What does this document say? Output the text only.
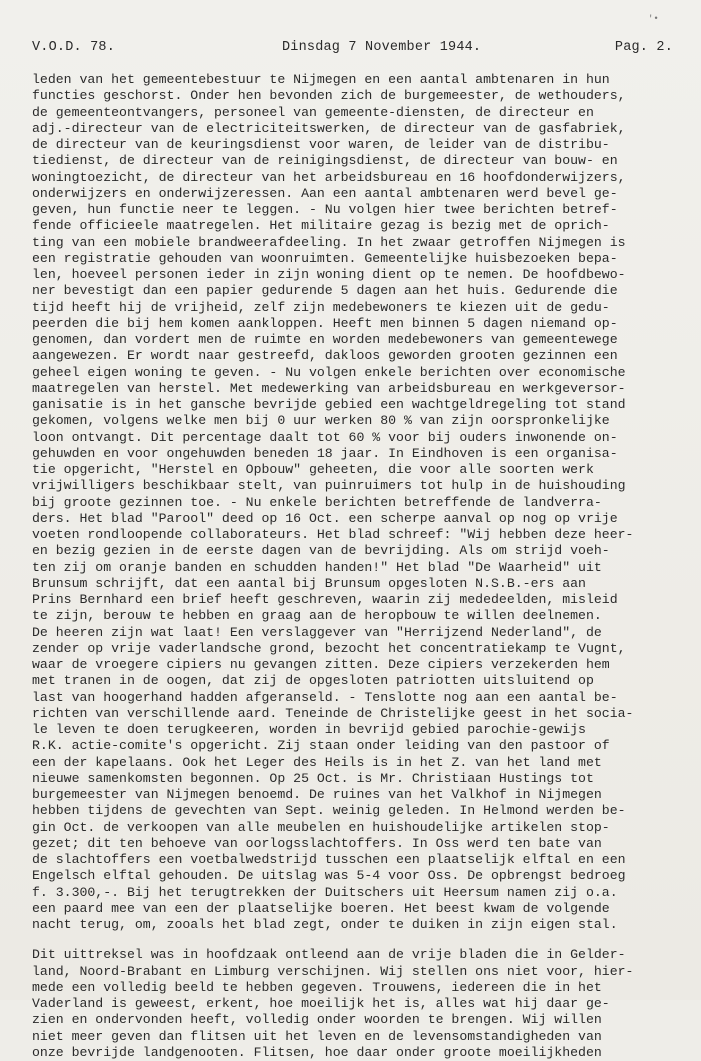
'•
V.O.D. 78.	Dinsdag 7 November 1944.	Pag. 2.
leden van het gemeentebestuur te Nijmegen en een aantal ambtenaren in hun
functies geschorst. Onder hen bevonden zich de burgemeester, de wethouders,
de gemeenteontvangers, personeel van gemeente-diensten, de directeur en
adj.-directeur van de electriciteitswerken, de directeur van de gasfabriek,
de directeur van de keuringsdienst voor waren, de leider van de distribu-
tiedienst, de directeur van de reinigingsdienst, de directeur van bouw- en
woningtoezicht, de directeur van het arbeidsbureau en 16 hoofdonderwijzers,
onderwijzers en onderwijzeressen. Aan een aantal ambtenaren werd bevel ge-
geven, hun functie neer te leggen. - Nu volgen hier twee berichten betref-
fende officieele maatregelen. Het militaire gezag is bezig met de oprich-
ting van een mobiele brandweerafdeeling. In het zwaar getroffen Nijmegen is
een registratie gehouden van woonruimten. Gemeentelijke huisbezoeken bepa-
len, hoeveel personen ieder in zijn woning dient op te nemen. De hoofdbewo-
ner bevestigt dan een papier gedurende 5 dagen aan het huis. Gedurende die
tijd heeft hij de vrijheid, zelf zijn medebewoners te kiezen uit de gedu-
peerden die bij hem komen aankloppen. Heeft men binnen 5 dagen niemand op-
genomen, dan vordert men de ruimte en worden medebewoners van gemeentewege
aangewezen. Er wordt naar gestreefd, dakloos geworden grooten gezinnen een
geheel eigen woning te geven. - Nu volgen enkele berichten over economische
maatregelen van herstel. Met medewerking van arbeidsbureau en werkgeversor-
ganisatie is in het gansche bevrijde gebied een wachtgeldregeling tot stand
gekomen, volgens welke men bij 0 uur werken 80 % van zijn oorspronkelijke
loon ontvangt. Dit percentage daalt tot 60 % voor bij ouders inwonende on-
gehuwden en voor ongehuwden beneden 18 jaar. In Eindhoven is een organisa-
tie opgericht, "Herstel en Opbouw" geheeten, die voor alle soorten werk
vrijwilligers beschikbaar stelt, van puinruimers tot hulp in de huishouding
bij groote gezinnen toe. - Nu enkele berichten betreffende de landverra-
ders. Het blad "Parool" deed op 16 Oct. een scherpe aanval op nog op vrije
voeten rondloopende collaborateurs. Het blad schreef: "Wij hebben deze heer-
en bezig gezien in de eerste dagen van de bevrijding. Als om strijd voeh-
ten zij om oranje banden en schudden handen!" Het blad "De Waarheid" uit
Brunsum schrijft, dat een aantal bij Brunsum opgesloten N.S.B.-ers aan
Prins Bernhard een brief heeft geschreven, waarin zij mededeelden, misleid
te zijn, berouw te hebben en graag aan de heropbouw te willen deelnemen.
De heeren zijn wat laat! Een verslaggever van "Herrijzend Nederland", de
zender op vrije vaderlandsche grond, bezocht het concentratiekamp te Vugnt,
waar de vroegere cipiers nu gevangen zitten. Deze cipiers verzekerden hem
met tranen in de oogen, dat zij de opgesloten patriotten uitsluitend op
last van hoogerhand hadden afgeranseld. - Tenslotte nog aan een aantal be-
richten van verschillende aard. Teneinde de Christelijke geest in het socia-
le leven te doen terugkeeren, worden in bevrijd gebied parochie-gewijs
R.K. actie-comite's opgericht. Zij staan onder leiding van den pastoor of
een der kapelaans. Ook het Leger des Heils is in het Z. van het land met
nieuwe samenkomsten begonnen. Op 25 Oct. is Mr. Christiaan Hustings tot
burgemeester van Nijmegen benoemd. De ruines van het Valkhof in Nijmegen
hebben tijdens de gevechten van Sept. weinig geleden. In Helmond werden be-
gin Oct. de verkoopen van alle meubelen en huishoudelijke artikelen stop-
gezet; dit ten behoeve van oorlogsslachtoffers. In Oss werd ten bate van
de slachtoffers een voetbalwedstrijd tusschen een plaatselijk elftal en een
Engelsch elftal gehouden. De uitslag was 5-4 voor Oss. De opbrengst bedroeg
f. 3.300,-. Bij het terugtrekken der Duitschers uit Heersum namen zij o.a.
een paard mee van een der plaatselijke boeren. Het beest kwam de volgende
nacht terug, om, zooals het blad zegt, onder te duiken in zijn eigen stal.
Dit uittreksel was in hoofdzaak ontleend aan de vrije bladen die in Gelder-
land, Noord-Brabant en Limburg verschijnen. Wij stellen ons niet voor, hier-
mede een volledig beeld te hebben gegeven. Trouwens, iedereen die in het
Vaderland is geweest, erkent, hoe moeilijk het is, alles wat hij daar ge-
zien en ondervonden heeft, volledig onder woorden te brengen. Wij willen
niet meer geven dan flitsen uit het leven en de levensomstandigheden van
onze bevrijde landgenooten. Flitsen, hoe daar onder groote moeilijkheden
